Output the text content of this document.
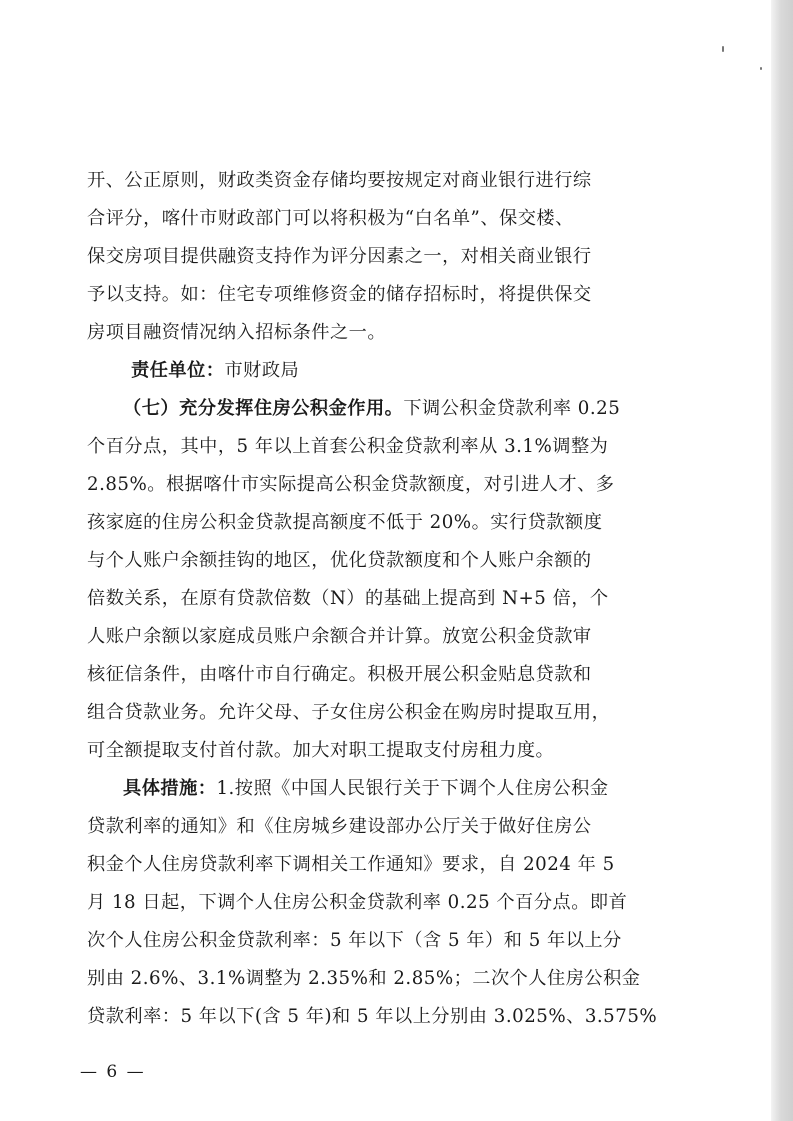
开、公正原则，财政类资金存储均要按规定对商业银行进行综
合评分，喀什市财政部门可以将积极为“白名单”、保交楼、
保交房项目提供融资支持作为评分因素之一，对相关商业银行
予以支持。如：住宅专项维修资金的储存招标时，将提供保交
房项目融资情况纳入招标条件之一。
责任单位：市财政局
（七）充分发挥住房公积金作用。下调公积金贷款利率 0.25
个百分点，其中，5 年以上首套公积金贷款利率从 3.1%调整为
2.85%。根据喀什市实际提高公积金贷款额度，对引进人才、多
孩家庭的住房公积金贷款提高额度不低于 20%。实行贷款额度
与个人账户余额挂钩的地区，优化贷款额度和个人账户余额的
倍数关系，在原有贷款倍数（N）的基础上提高到 N+5 倍，个
人账户余额以家庭成员账户余额合并计算。放宽公积金贷款审
核征信条件，由喀什市自行确定。积极开展公积金贴息贷款和
组合贷款业务。允许父母、子女住房公积金在购房时提取互用，
可全额提取支付首付款。加大对职工提取支付房租力度。
具体措施：1.按照《中国人民银行关于下调个人住房公积金
贷款利率的通知》和《住房城乡建设部办公厅关于做好住房公
积金个人住房贷款利率下调相关工作通知》要求，自 2024 年 5
月 18 日起，下调个人住房公积金贷款利率 0.25 个百分点。即首
次个人住房公积金贷款利率：5 年以下（含 5 年）和 5 年以上分
别由 2.6%、3.1%调整为 2.35%和 2.85%；二次个人住房公积金
贷款利率：5 年以下(含 5 年)和 5 年以上分别由 3.025%、3.575%
— 6 —
